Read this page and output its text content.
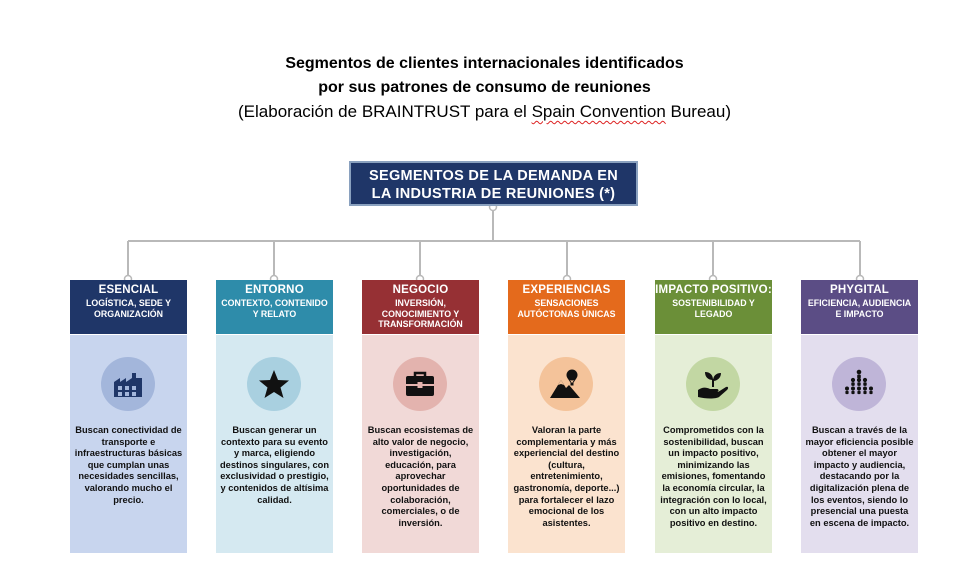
Segmentos de clientes internacionales identificados
por sus patrones de consumo de reuniones
(Elaboración de BRAINTRUST para el Spain Convention Bureau)
SEGMENTOS DE LA DEMANDA EN
LA INDUSTRIA DE REUNIONES (*)
Buscan conectividad de transporte e infraestructuras básicas que cumplan unas necesidades sencillas, valorando mucho el precio.
ESENCIAL
LOGÍSTICA, SEDE Y ORGANIZACIÓN
Buscan generar un contexto para su evento y marca, eligiendo destinos singulares, con exclusividad o prestigio, y contenidos de altísima calidad.
ENTORNO
CONTEXTO, CONTENIDO Y RELATO
Buscan ecosistemas de alto valor de negocio, investigación, educación, para aprovechar oportunidades de colaboración, comerciales, o de inversión.
NEGOCIO
INVERSIÓN, CONOCIMIENTO Y TRANSFORMACIÓN
Valoran la parte complementaria y más experiencial del destino (cultura, entretenimiento, gastronomía, deporte...) para fortalecer el lazo emocional de los asistentes.
EXPERIENCIAS
SENSACIONES AUTÓCTONAS ÚNICAS
Comprometidos con la sostenibilidad, buscan un impacto positivo, minimizando las emisiones, fomentando la economía circular, la integración con lo local, con un alto impacto positivo en destino.
IMPACTO POSITIVO:
SOSTENIBILIDAD Y LEGADO
Buscan a través de la mayor eficiencia posible obtener el mayor impacto y audiencia, destacando por la digitalización plena de los eventos, siendo lo presencial una puesta en escena de impacto.
PHYGITAL
EFICIENCIA, AUDIENCIA E IMPACTO
